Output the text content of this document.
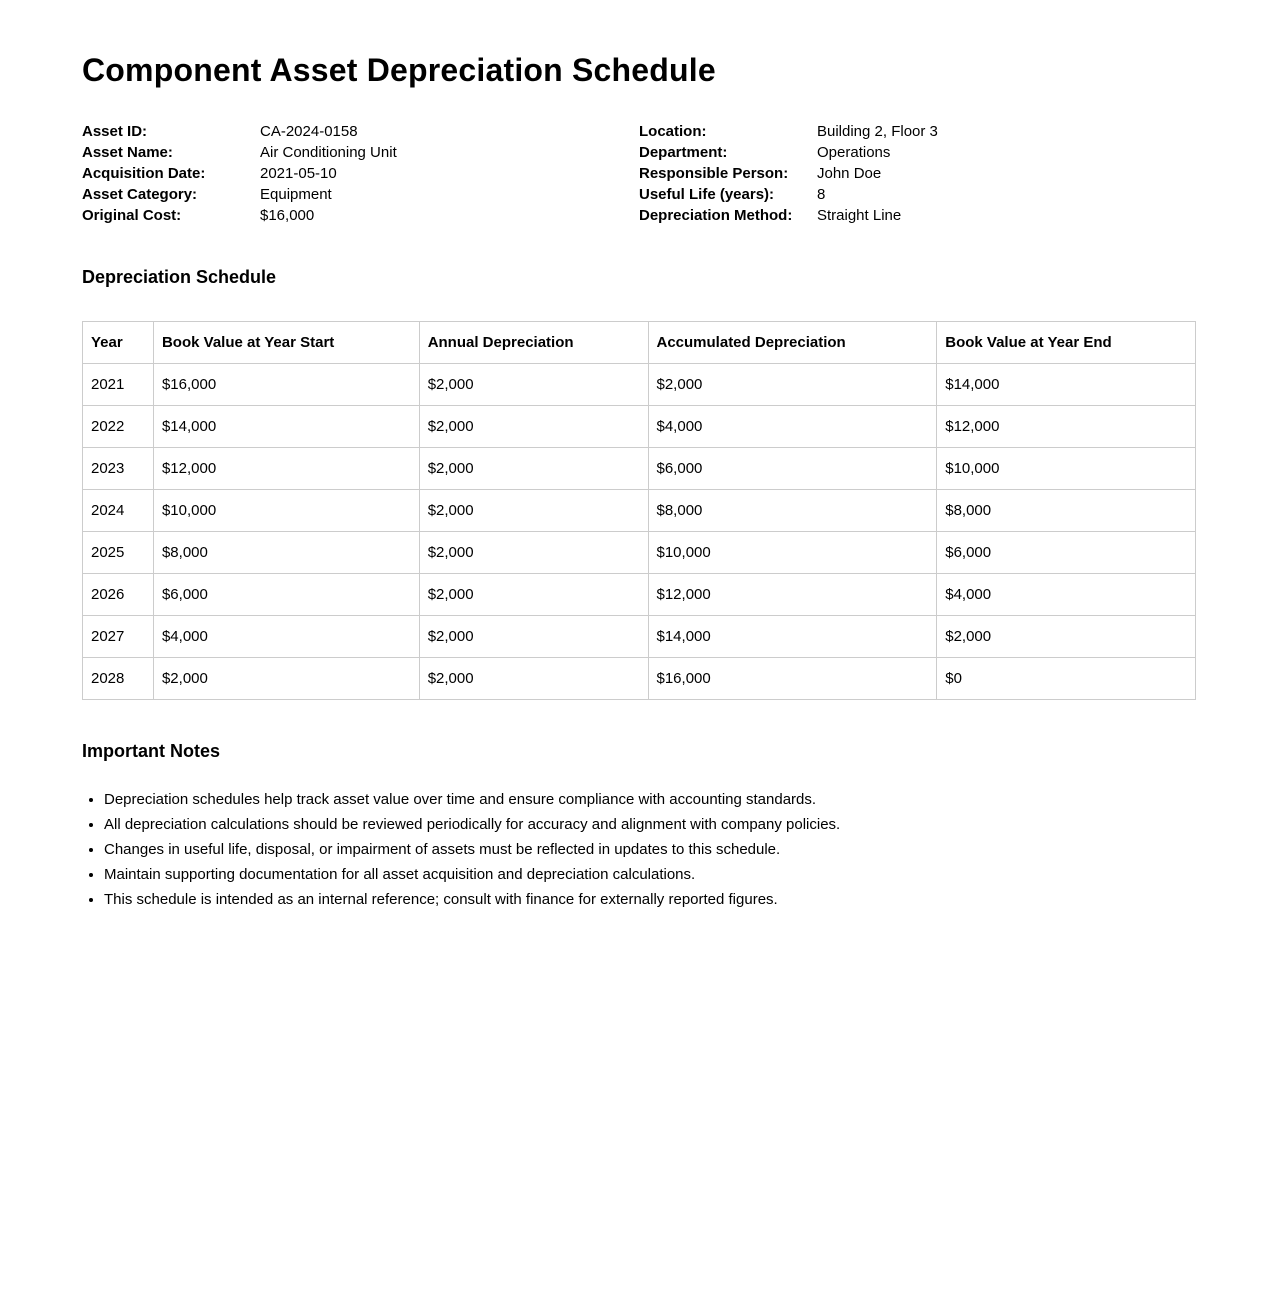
Component Asset Depreciation Schedule
Asset ID:	CA-2024-0158
Asset Name:	Air Conditioning Unit
Acquisition Date:	2021-05-10
Asset Category:	Equipment
Original Cost:	$16,000
Location:	Building 2, Floor 3
Department:	Operations
Responsible Person:	John Doe
Useful Life (years):	8
Depreciation Method:	Straight Line
Depreciation Schedule
Year	Book Value at Year Start	Annual Depreciation	Accumulated Depreciation	Book Value at Year End
2021	$16,000	$2,000	$2,000	$14,000
2022	$14,000	$2,000	$4,000	$12,000
2023	$12,000	$2,000	$6,000	$10,000
2024	$10,000	$2,000	$8,000	$8,000
2025	$8,000	$2,000	$10,000	$6,000
2026	$6,000	$2,000	$12,000	$4,000
2027	$4,000	$2,000	$14,000	$2,000
2028	$2,000	$2,000	$16,000	$0
Important Notes
• Depreciation schedules help track asset value over time and ensure compliance with accounting standards.
• All depreciation calculations should be reviewed periodically for accuracy and alignment with company policies.
• Changes in useful life, disposal, or impairment of assets must be reflected in updates to this schedule.
• Maintain supporting documentation for all asset acquisition and depreciation calculations.
• This schedule is intended as an internal reference; consult with finance for externally reported figures.
